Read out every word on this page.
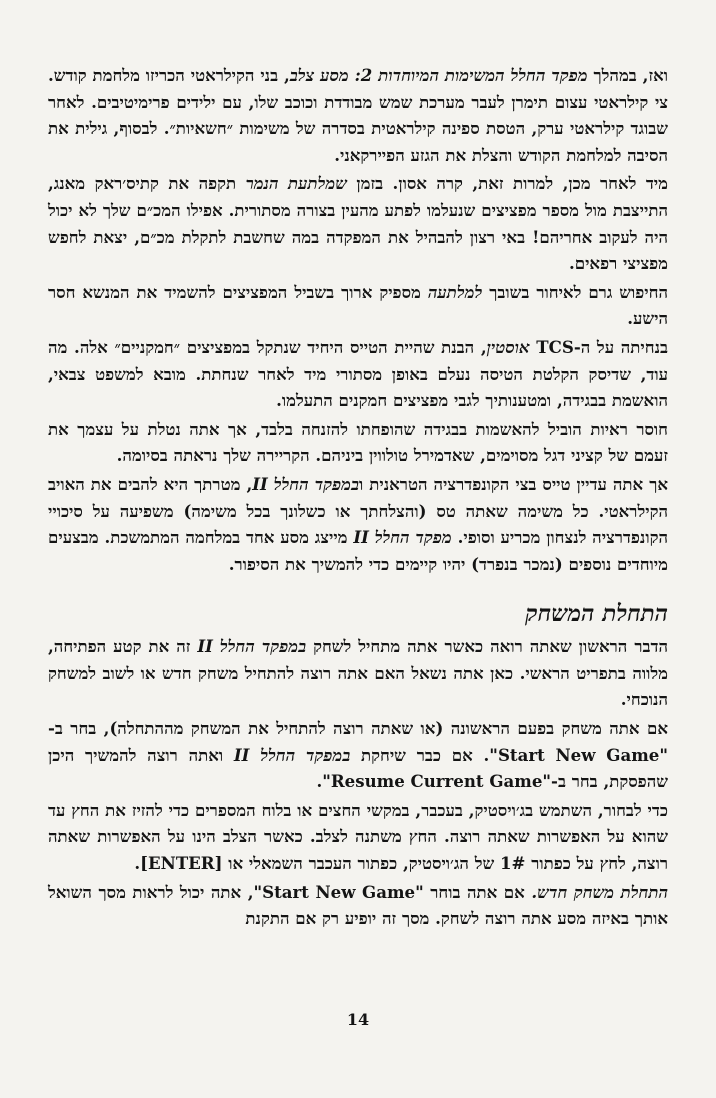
ואז, במהלך מפקד החלל המשימות המיוחדות 2: מסע צלב, בני הקילראטי הכריזו מלחמת קודש. צי קילראטי עצום תימרן לעבר מערכת שמש מבודדת וכוכב שלו, עם ילידים פרימיטיבים. לאחר שבוגד קילראטי ערק, הטסת ספינה קילראטית בסדרה של משימות ״חשאיות״. לבסוף, גילית את הסיבה למלחמת הקודש והצלת את הגזע הפיירקאני.

מיד לאחר מכן, למרות זאת, קרה אסון. בזמן שמלתעת הנמר תקפה את קתיס׳ראק מאנג, התייצבת מול מספר מפציצים שנעלמו לפתע מהעין בצורה מסתורית. אפילו המכ״ם שלך לא יכול היה לעקוב אחריהם! באי רצון להבהיל את המפקדה במה שחשבת לתקלת מכ״ם, יצאת לחפש מפציצי רפאים.

החיפוש גרם לאיחור בשובך למלתעה מספיק ארוך בשביל המפציצים להשמיד את המנשא חסר הישע.

בנחיתה על ה-TCS אוסטין, הבנת שהיית הטייס היחיד שנתקל במפציצים ״חמקניים״ אלה. מה עוד, שדיסק הקלטת הטיסה נעלם באופן מסתורי מיד לאחר שנחתת. מובא למשפט צבאי, הואשמת בבגידה, ומטענותיך לגבי מפציצים חמקנים התעלמו.

חוסר ראיות הוביל להאשמות בבגידה שהופחתו להזנחה בלבד, אך אתה נטלת על עצמך את זעמם של קציני דגל מסוימים, שאדמירל טולווין ביניהם. הקריירה שלך נראתה בסיומה.

אך אתה עדיין טייס בצי הקונפדרציה הטראנית ובמפקד החלל II, מטרתך היא להבים את האויב הקילראטי. כל משימה שאתה טס (והצלחתך או כשלונך בכל משימה) משפיעה על סיכויי הקונפדרציה לנצחון מכריע וסופי. מפקד החלל II מייצג מסע אחד במלחמה המתמשכת. מבצעים מיוחדים נוספים (נמכר בנפרד) יהיו קיימים כדי להמשיך את הסיפור.

התחלת המשחק

הדבר הראשון שאתה רואה כאשר אתה מתחיל לשחק במפקד החלל II זה את קטע הפתיחה, מלווה בתפריט הראשי. כאן אתה נשאל האם אתה רוצה להתחיל משחק חדש או לשוב למשחק הנוכחי.

אם אתה משחק בפעם הראשונה (או שאתה רוצה להתחיל את המשחק מההתחלה), בחר ב-"Start New Game". אם כבר שיחקת במפקד החלל II ואתה רוצה להמשיך היכן שהפסקת, בחר ב-"Resume Current Game".

כדי לבחור, השתמש בג׳ויסטיק, בעכבר, במקשי החצים או בלוח המספרים כדי להזיז את החץ עד שהוא על האפשרות שאתה רוצה. החץ משתנה לצלב. כאשר הצלב הינו על האפשרות שאתה רוצה, לחץ על כפתור 1# של הג׳ויסטיק, כפתור העכבר השמאלי או [ENTER].

התחלת משחק חדש. אם אתה בוחר "Start New Game", אתה יכול לראות מסך השואל אותך באיזה מסע אתה רוצה לשחק. מסך זה יופיע רק אם התקנת

14
